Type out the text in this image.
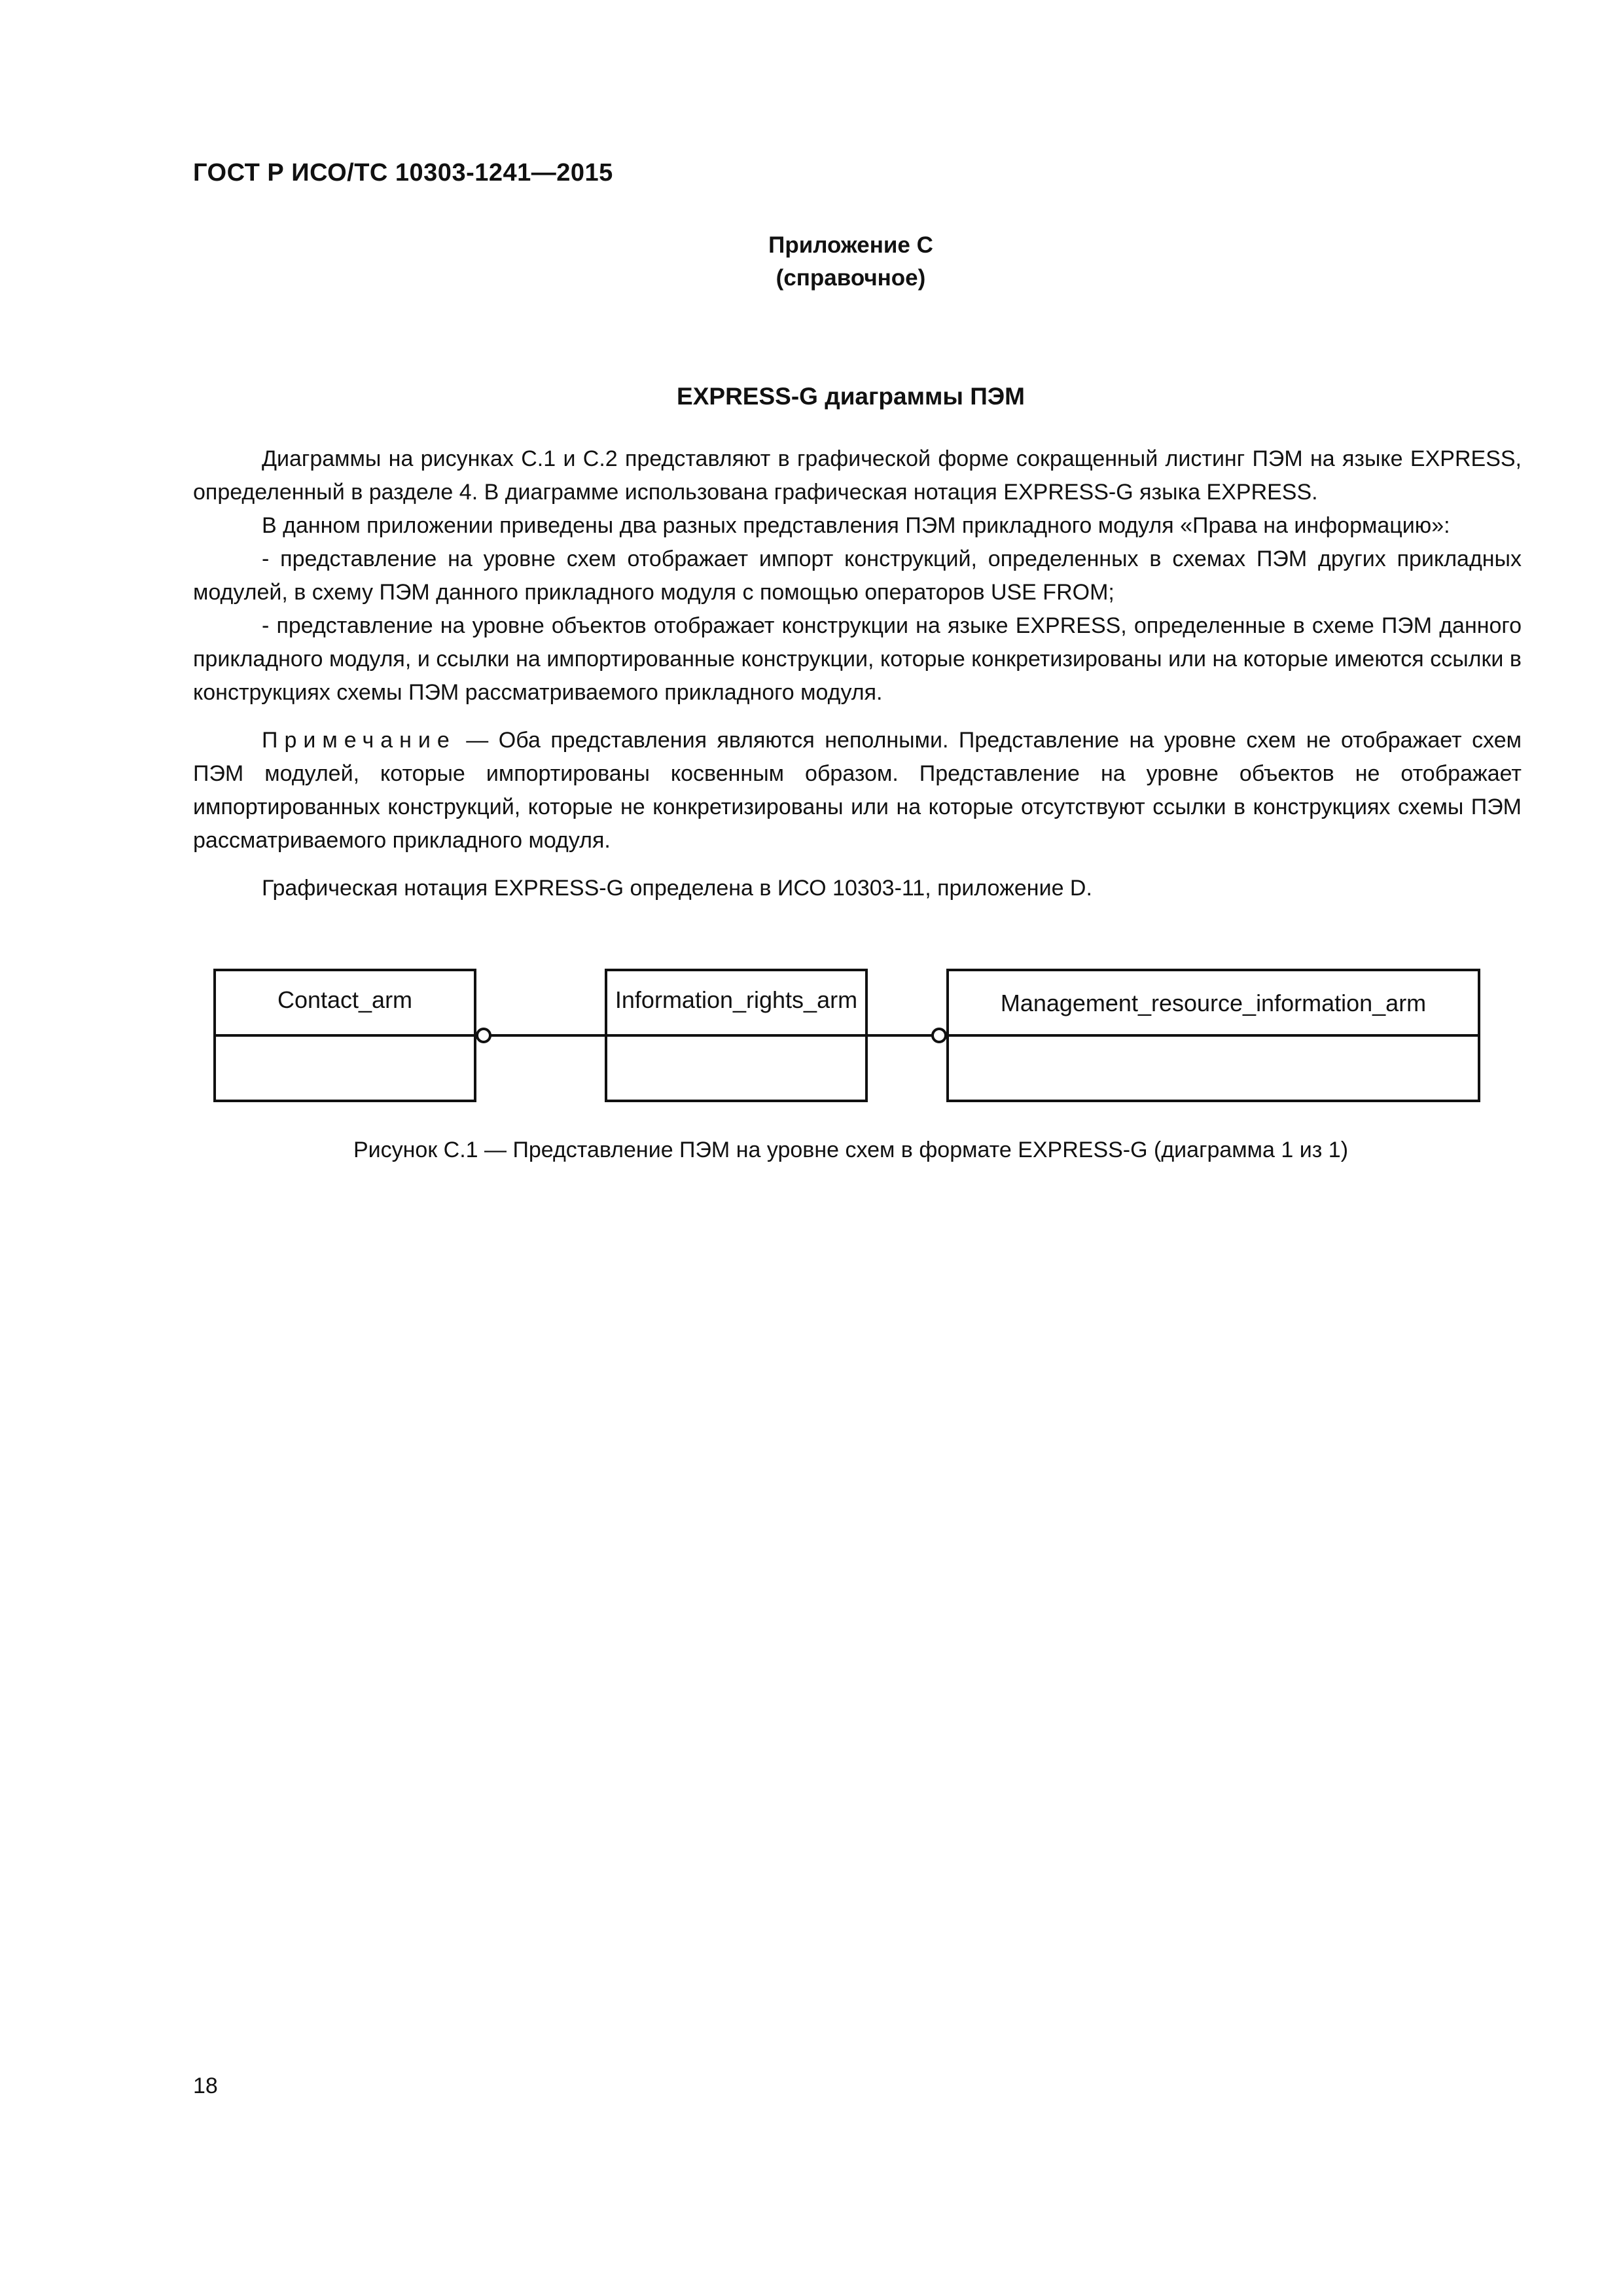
ГОСТ Р ИСО/ТС 10303-1241—2015
Приложение С
(справочное)
EXPRESS-G диаграммы ПЭМ

Диаграммы на рисунках С.1 и С.2 представляют в графической форме сокращенный листинг ПЭМ на языке EXPRESS, определенный в разделе 4. В диаграмме использована графическая нотация EXPRESS-G языка EXPRESS.

В данном приложении приведены два разных представления ПЭМ прикладного модуля «Права на информацию»:

- представление на уровне схем отображает импорт конструкций, определенных в схемах ПЭМ других прикладных модулей, в схему ПЭМ данного прикладного модуля с помощью операторов USE FROM;

- представление на уровне объектов отображает конструкции на языке EXPRESS, определенные в схеме ПЭМ данного прикладного модуля, и ссылки на импортированные конструкции, которые конкретизированы или на которые имеются ссылки в конструкциях схемы ПЭМ рассматриваемого прикладного модуля.

Примечание — Оба представления являются неполными. Представление на уровне схем не отображает схем ПЭМ модулей, которые импортированы косвенным образом. Представление на уровне объектов не отображает импортированных конструкций, которые не конкретизированы или на которые отсутствуют ссылки в конструкциях схемы ПЭМ рассматриваемого прикладного модуля.

Графическая нотация EXPRESS-G определена в ИСО 10303-11, приложение D.

Contact_arm	Information_rights_arm	Management_resource_information_arm
Рисунок С.1 — Представление ПЭМ на уровне схем в формате EXPRESS-G (диаграмма 1 из 1)
18
